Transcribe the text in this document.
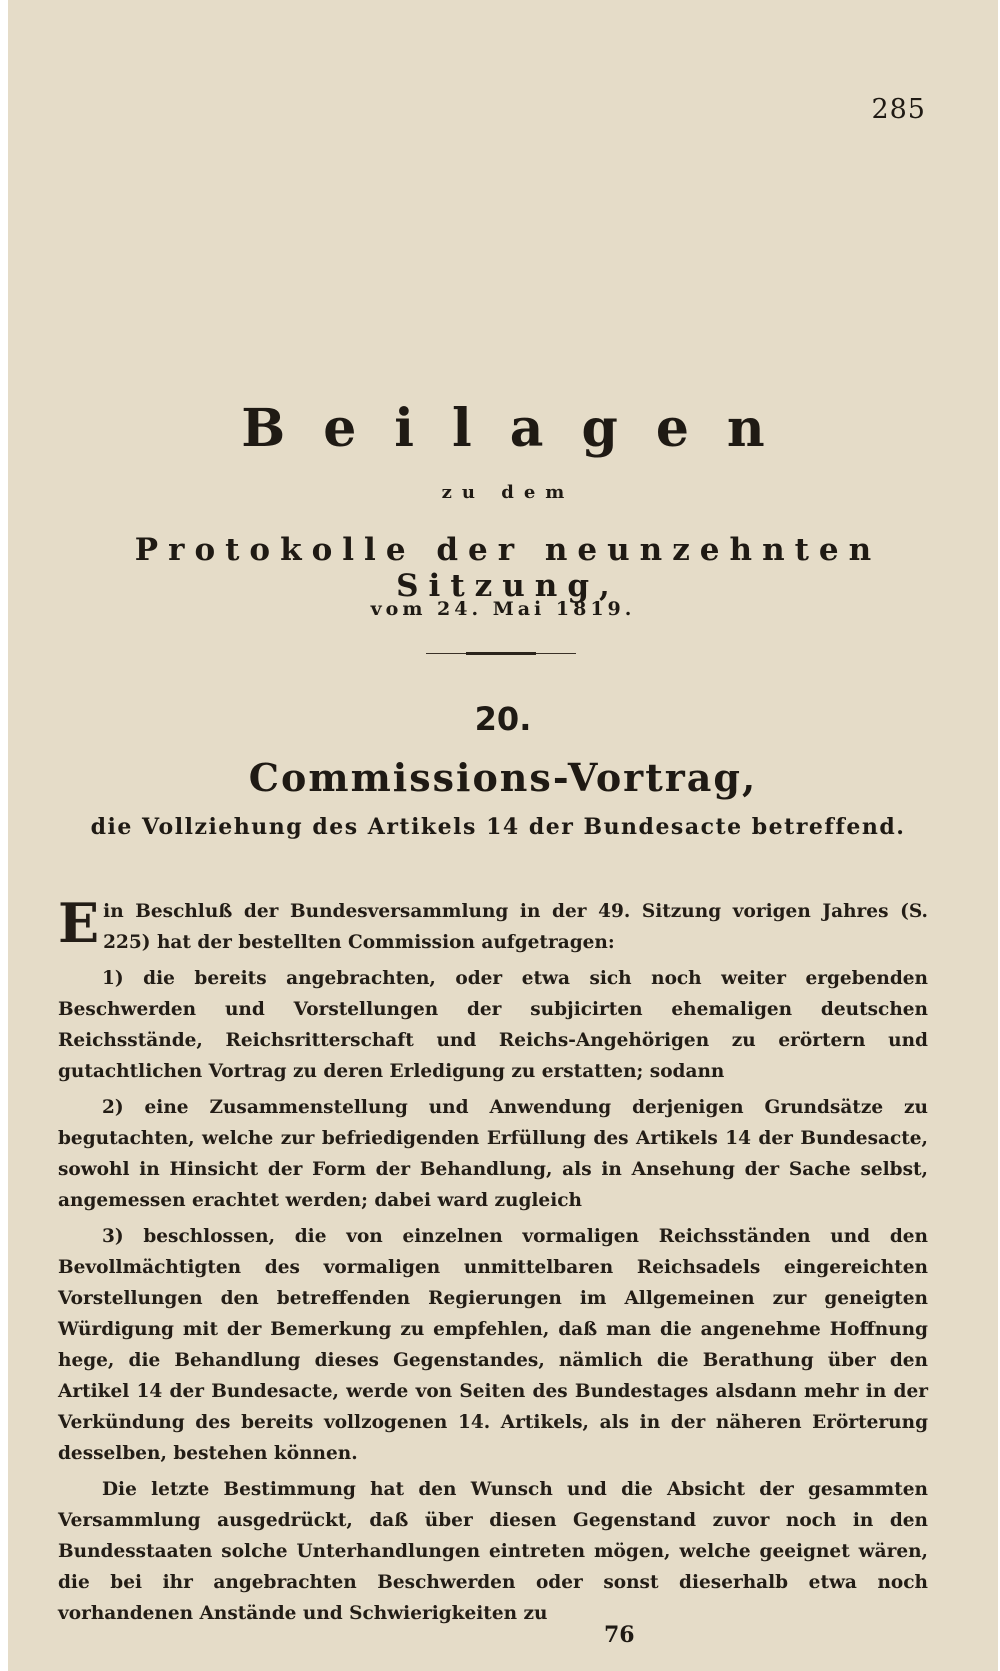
285
Beilagen
zu dem
Protokolle der neunzehnten Sitzung,
vom 24. Mai 1819.
20.
Commissions-Vortrag,
die Vollziehung des Artikels 14 der Bundesacte betreffend.

Ein Beschluß der Bundesversammlung in der 49. Sitzung vorigen Jahres (S. 225) hat der bestellten Commission aufgetragen:

1) die bereits angebrachten, oder etwa sich noch weiter ergebenden Beschwerden und Vorstellungen der subjicirten ehemaligen deutschen Reichsstände, Reichsritterschaft und Reichs-Angehörigen zu erörtern und gutachtlichen Vortrag zu deren Erledigung zu erstatten; sodann

2) eine Zusammenstellung und Anwendung derjenigen Grundsätze zu begutachten, welche zur befriedigenden Erfüllung des Artikels 14 der Bundesacte, sowohl in Hinsicht der Form der Behandlung, als in Ansehung der Sache selbst, angemessen erachtet werden; dabei ward zugleich

3) beschlossen, die von einzelnen vormaligen Reichsständen und den Bevollmächtigten des vormaligen unmittelbaren Reichsadels eingereichten Vorstellungen den betreffenden Regierungen im Allgemeinen zur geneigten Würdigung mit der Bemerkung zu empfehlen, daß man die angenehme Hoffnung hege, die Behandlung dieses Gegenstandes, nämlich die Berathung über den Artikel 14 der Bundesacte, werde von Seiten des Bundestages alsdann mehr in der Verkündung des bereits vollzogenen 14. Artikels, als in der näheren Erörterung desselben, bestehen können.

Die letzte Bestimmung hat den Wunsch und die Absicht der gesammten Versammlung ausgedrückt, daß über diesen Gegenstand zuvor noch in den Bundesstaaten solche Unterhandlungen eintreten mögen, welche geeignet wären, die bei ihr angebrachten Beschwerden oder sonst dieserhalb etwa noch vorhandenen Anstände und Schwierigkeiten zu

76
